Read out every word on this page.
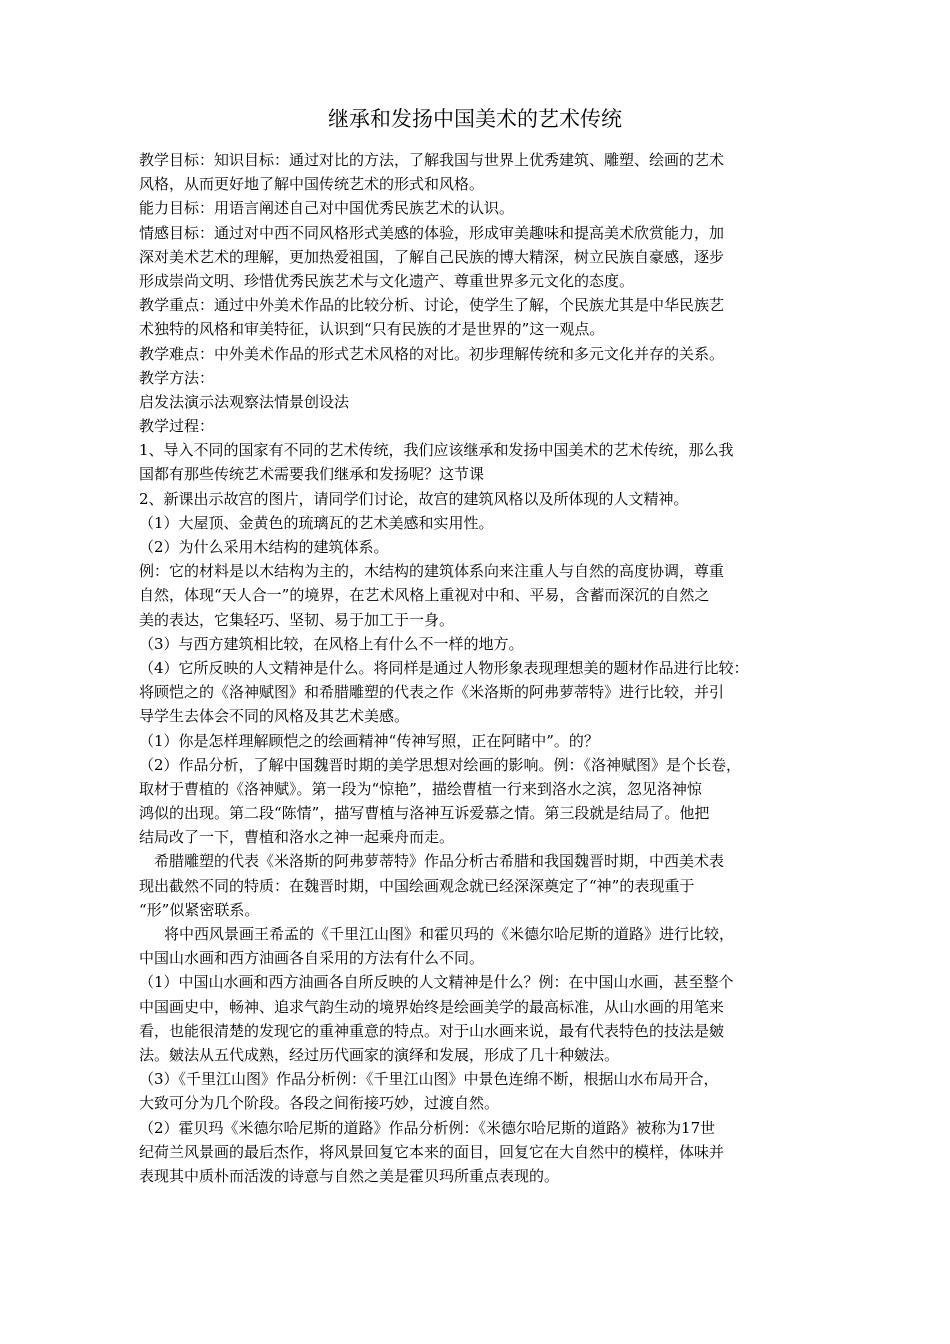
继承和发扬中国美术的艺术传统
教学目标：知识目标：通过对比的方法，了解我国与世界上优秀建筑、雕塑、绘画的艺术
风格，从而更好地了解中国传统艺术的形式和风格。
能力目标：用语言阐述自己对中国优秀民族艺术的认识。
情感目标：通过对中西不同风格形式美感的体验，形成审美趣味和提高美术欣赏能力，加
深对美术艺术的理解，更加热爱祖国，了解自己民族的博大精深，树立民族自豪感，逐步
形成崇尚文明、珍惜优秀民族艺术与文化遗产、尊重世界多元文化的态度。
教学重点：通过中外美术作品的比较分析、讨论，使学生了解，个民族尤其是中华民族艺
术独特的风格和审美特征，认识到“只有民族的才是世界的”这一观点。
教学难点：中外美术作品的形式艺术风格的对比。初步理解传统和多元文化并存的关系。
教学方法：
启发法演示法观察法情景创设法
教学过程：
1、导入不同的国家有不同的艺术传统，我们应该继承和发扬中国美术的艺术传统，那么我
国都有那些传统艺术需要我们继承和发扬呢？这节课
2、新课出示故宫的图片，请同学们讨论，故宫的建筑风格以及所体现的人文精神。
（1）大屋顶、金黄色的琉璃瓦的艺术美感和实用性。
（2）为什么采用木结构的建筑体系。
例：它的材料是以木结构为主的，木结构的建筑体系向来注重人与自然的高度协调，尊重
自然，体现“天人合一”的境界，在艺术风格上重视对中和、平易，含蓄而深沉的自然之
美的表达，它集轻巧、坚韧、易于加工于一身。
（3）与西方建筑相比较，在风格上有什么不一样的地方。
（4）它所反映的人文精神是什么。将同样是通过人物形象表现理想美的题材作品进行比较：
将顾恺之的《洛神赋图》和希腊雕塑的代表之作《米洛斯的阿弗萝蒂特》进行比较，并引
导学生去体会不同的风格及其艺术美感。
（1）你是怎样理解顾恺之的绘画精神“传神写照，正在阿睹中”。的？
（2）作品分析，了解中国魏晋时期的美学思想对绘画的影响。例：《洛神赋图》是个长卷，
取材于曹植的《洛神赋》。第一段为“惊艳”，描绘曹植一行来到洛水之滨，忽见洛神惊
鸿似的出现。第二段“陈情”，描写曹植与洛神互诉爱慕之情。第三段就是结局了。他把
结局改了一下，曹植和洛水之神一起乘舟而走。
希腊雕塑的代表《米洛斯的阿弗萝蒂特》作品分析古希腊和我国魏晋时期，中西美术表
现出截然不同的特质：在魏晋时期，中国绘画观念就已经深深奠定了“神”的表现重于
“形”似紧密联系。
将中西风景画王希孟的《千里江山图》和霍贝玛的《米德尔哈尼斯的道路》进行比较，
中国山水画和西方油画各自采用的方法有什么不同。
（1）中国山水画和西方油画各自所反映的人文精神是什么？例：在中国山水画，甚至整个
中国画史中，畅神、追求气韵生动的境界始终是绘画美学的最高标准，从山水画的用笔来
看，也能很清楚的发现它的重神重意的特点。对于山水画来说，最有代表特色的技法是皴
法。皴法从五代成熟，经过历代画家的演绎和发展，形成了几十种皴法。
（3）《千里江山图》作品分析例：《千里江山图》中景色连绵不断，根据山水布局开合，
大致可分为几个阶段。各段之间衔接巧妙，过渡自然。
（2）霍贝玛《米德尔哈尼斯的道路》作品分析例：《米德尔哈尼斯的道路》被称为17世
纪荷兰风景画的最后杰作，将风景回复它本来的面目，回复它在大自然中的模样，体味并
表现其中质朴而活泼的诗意与自然之美是霍贝玛所重点表现的。
